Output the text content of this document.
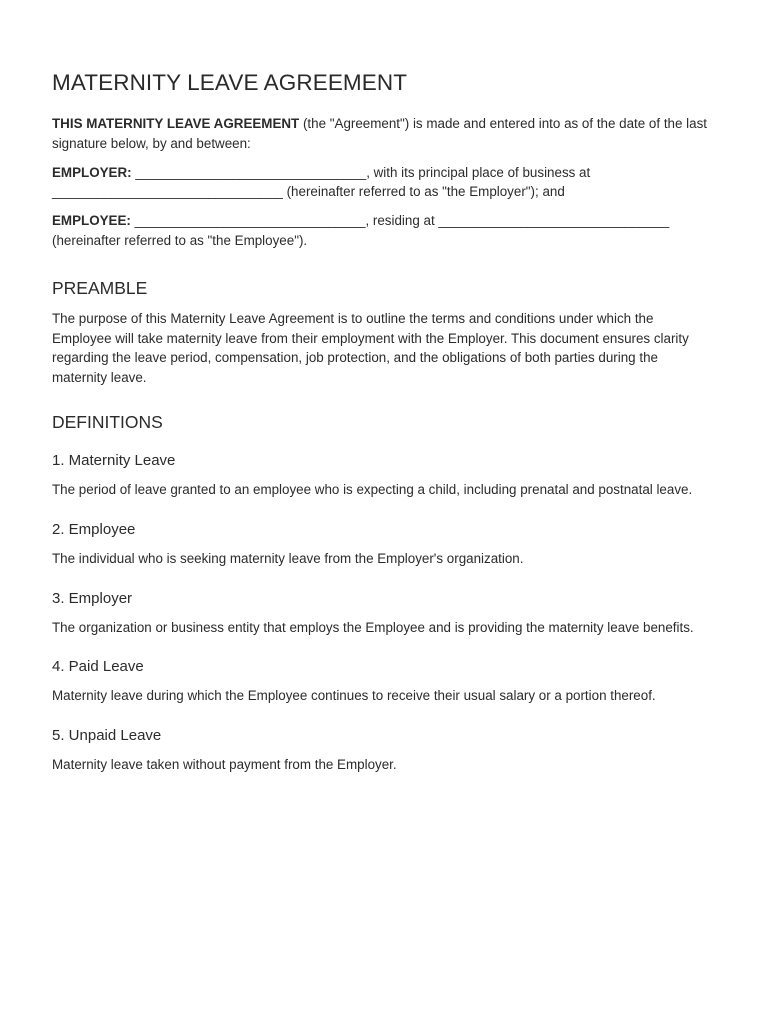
MATERNITY LEAVE AGREEMENT

THIS MATERNITY LEAVE AGREEMENT (the "Agreement") is made and entered into as of the date of the last signature below, by and between:

EMPLOYER: _______________________________, with its principal place of business at _______________________________ (hereinafter referred to as "the Employer"); and

EMPLOYEE: _______________________________, residing at _______________________________ (hereinafter referred to as "the Employee").

PREAMBLE

The purpose of this Maternity Leave Agreement is to outline the terms and conditions under which the Employee will take maternity leave from their employment with the Employer. This document ensures clarity regarding the leave period, compensation, job protection, and the obligations of both parties during the maternity leave.

DEFINITIONS
1. Maternity Leave

The period of leave granted to an employee who is expecting a child, including prenatal and postnatal leave.

2. Employee

The individual who is seeking maternity leave from the Employer's organization.

3. Employer

The organization or business entity that employs the Employee and is providing the maternity leave benefits.

4. Paid Leave

Maternity leave during which the Employee continues to receive their usual salary or a portion thereof.

5. Unpaid Leave

Maternity leave taken without payment from the Employer.
